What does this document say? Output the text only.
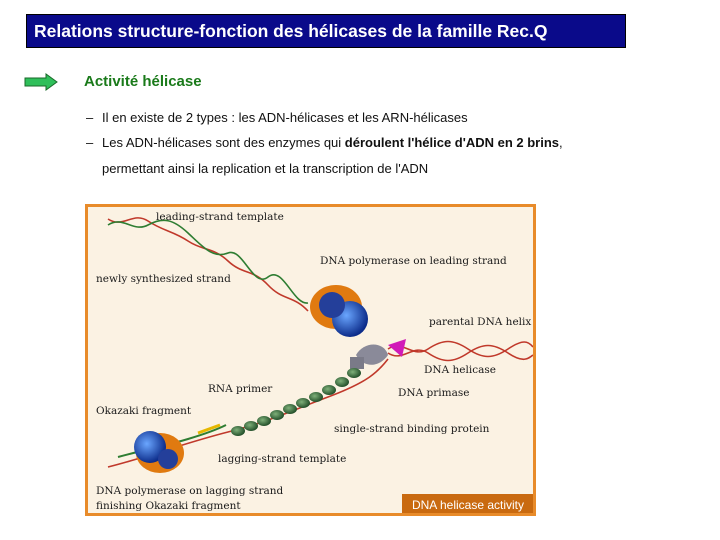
Relations structure-fonction des hélicases de la famille Rec.Q
Activité hélicase
– Il en existe de 2 types : les ADN-hélicases et les ARN-hélicases
– Les ADN-hélicases sont des enzymes qui déroulent l'hélice d'ADN en 2 brins,
permettant ainsi la replication et la transcription de l'ADN
leading-strand template
newly synthesized strand
DNA polymerase on leading strand
parental DNA helix
DNA helicase
DNA primase
RNA primer
Okazaki fragment
single-strand binding protein
lagging-strand template
DNA polymerase on lagging strand
finishing Okazaki fragment	DNA helicase activity
